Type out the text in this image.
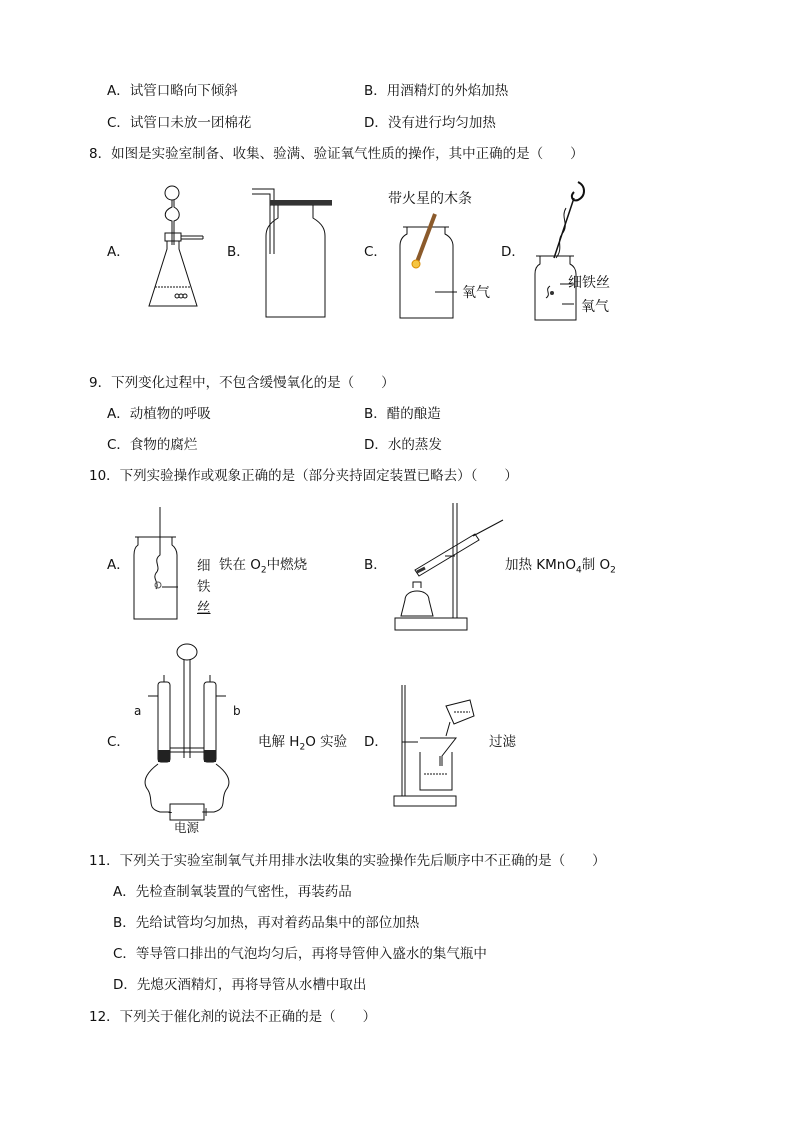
A．试管口略向下倾斜	B．用酒精灯的外焰加热
C．试管口未放一团棉花	D．没有进行均匀加热
8．如图是实验室制备、收集、验满、验证氧气性质的操作，其中正确的是（　　）
A．	B．	C．	D．
带火星的木条
氧气
细铁丝
氧气
9．下列变化过程中，不包含缓慢氧化的是（　　）
A．动植物的呼吸	B．醋的酿造
C．食物的腐烂	D．水的蒸发
10．下列实验操作或观象正确的是（部分夹持固定装置已略去）（　　）
A．	B．
C．	D．
细
铁
丝
铁在 $O_2$中燃烧	加热 KMnO$_4$制 $O_2$
a	b
- +
电源
电解 $H_2O$ 实验	过滤
11．下列关于实验室制氧气并用排水法收集的实验操作先后顺序中不正确的是（　　）
A．先检查制氧装置的气密性，再装药品
B．先给试管均匀加热，再对着药品集中的部位加热
C．等导管口排出的气泡均匀后，再将导管伸入盛水的集气瓶中
D．先熄灭酒精灯，再将导管从水槽中取出
12．下列关于催化剂的说法不正确的是（　　）
